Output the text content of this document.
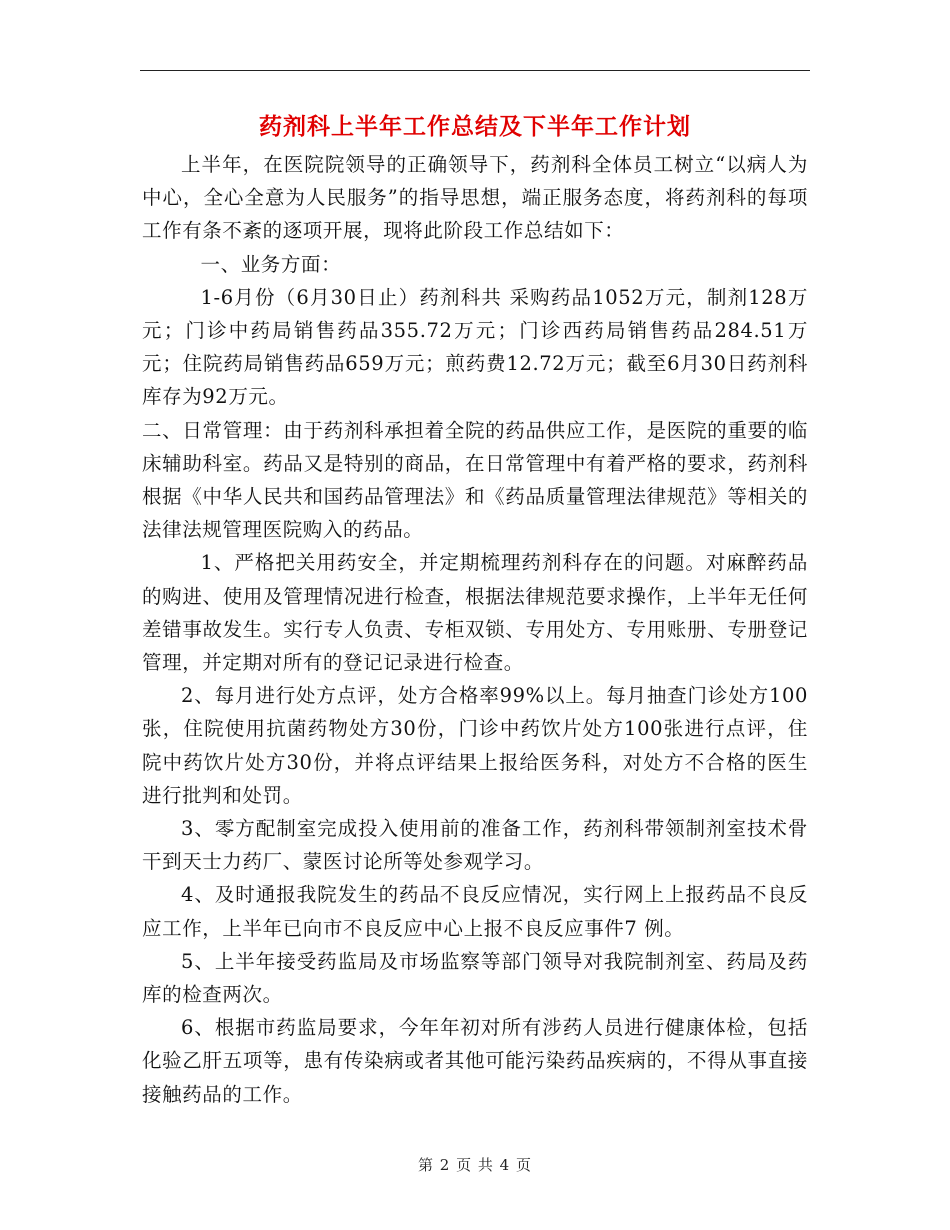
药剂科上半年工作总结及下半年工作计划

上半年，在医院院领导的正确领导下，药剂科全体员工树立“以病人为中心，全心全意为人民服务”的指导思想，端正服务态度，将药剂科的每项工作有条不紊的逐项开展，现将此阶段工作总结如下：

一、业务方面：

1-6月份（6月30日止）药剂科共 采购药品1052万元，制剂128万元；门诊中药局销售药品355.72万元；门诊西药局销售药品284.51万元；住院药局销售药品659万元；煎药费12.72万元；截至6月30日药剂科库存为92万元。

二、日常管理：由于药剂科承担着全院的药品供应工作，是医院的重要的临床辅助科室。药品又是特别的商品，在日常管理中有着严格的要求，药剂科根据《中华人民共和国药品管理法》和《药品质量管理法律规范》等相关的法律法规管理医院购入的药品。

1、严格把关用药安全，并定期梳理药剂科存在的问题。对麻醉药品的购进、使用及管理情况进行检查，根据法律规范要求操作，上半年无任何差错事故发生。实行专人负责、专柜双锁、专用处方、专用账册、专册登记管理，并定期对所有的登记记录进行检查。

2、每月进行处方点评，处方合格率99%以上。每月抽查门诊处方100张，住院使用抗菌药物处方30份，门诊中药饮片处方100张进行点评，住院中药饮片处方30份，并将点评结果上报给医务科，对处方不合格的医生进行批判和处罚。

3、零方配制室完成投入使用前的准备工作，药剂科带领制剂室技术骨干到天士力药厂、蒙医讨论所等处参观学习。

4、及时通报我院发生的药品不良反应情况，实行网上上报药品不良反应工作，上半年已向市不良反应中心上报不良反应事件7 例。

5、上半年接受药监局及市场监察等部门领导对我院制剂室、药局及药库的检查两次。

6、根据市药监局要求，今年年初对所有涉药人员进行健康体检，包括化验乙肝五项等，患有传染病或者其他可能污染药品疾病的，不得从事直接接触药品的工作。

第 2 页 共 4 页
